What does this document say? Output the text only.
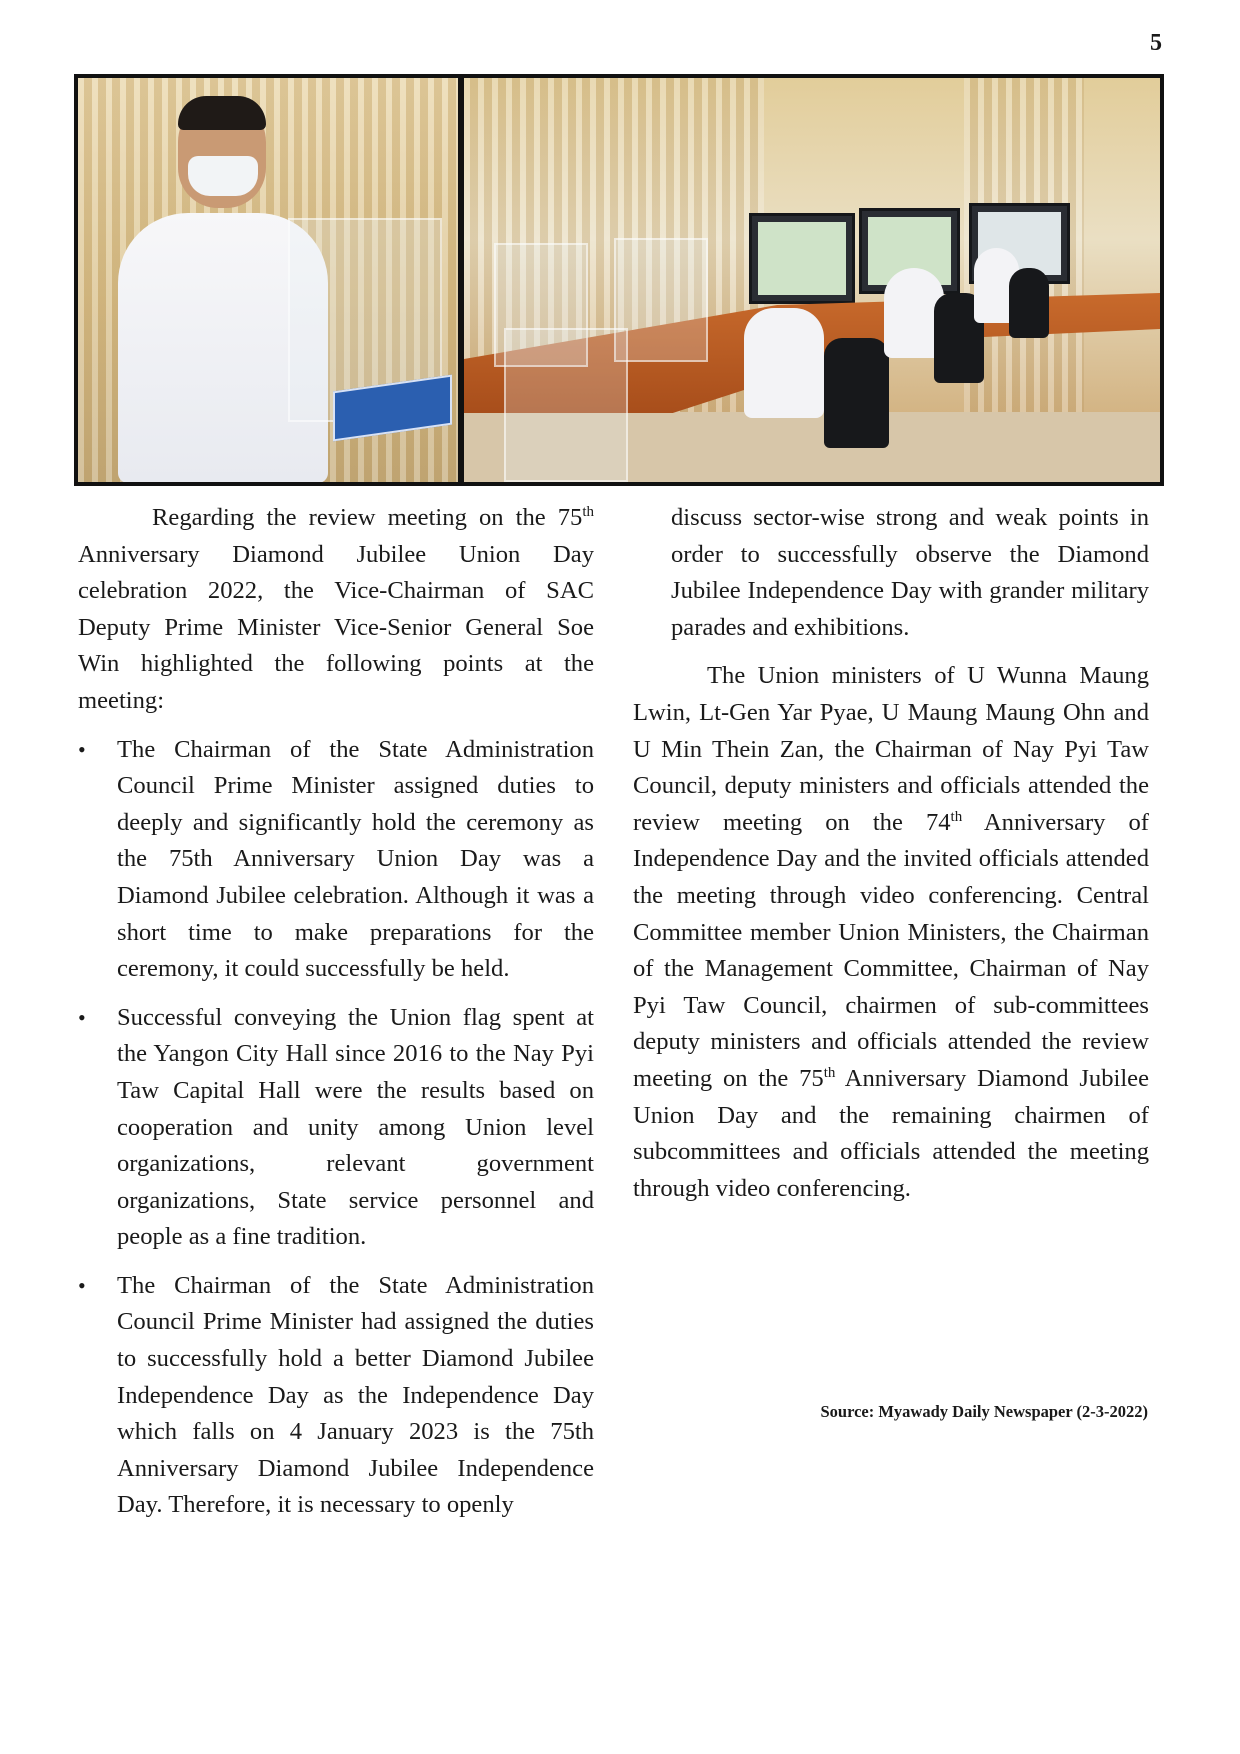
5

Regarding the review meeting on the 75th Anniversary Diamond Jubilee Union Day celebration 2022, the Vice-Chairman of SAC Deputy Prime Minister Vice-Senior General Soe Win highlighted the following points at the meeting:

• The Chairman of the State Administration Council Prime Minister assigned duties to deeply and significantly hold the ceremony as the 75th Anniversary Union Day was a Diamond Jubilee celebration. Although it was a short time to make preparations for the ceremony, it could successfully be held.
• Successful conveying the Union flag spent at the Yangon City Hall since 2016 to the Nay Pyi Taw Capital Hall were the results based on cooperation and unity among Union level organizations, relevant government organizations, State service personnel and people as a fine tradition.
• The Chairman of the State Administration Council Prime Minister had assigned the duties to successfully hold a better Diamond Jubilee Independence Day as the Independence Day which falls on 4 January 2023 is the 75th Anniversary Diamond Jubilee Independence Day. Therefore, it is necessary to openly

discuss sector-wise strong and weak points in order to successfully observe the Diamond Jubilee Independence Day with grander military parades and exhibitions.

The Union ministers of U Wunna Maung Lwin, Lt-Gen Yar Pyae, U Maung Maung Ohn and U Min Thein Zan, the Chairman of Nay Pyi Taw Council, deputy ministers and officials attended the review meeting on the 74th Anniversary of Independence Day and the invited officials attended the meeting through video conferencing. Central Committee member Union Ministers, the Chairman of the Management Committee, Chairman of Nay Pyi Taw Council, chairmen of sub-committees deputy ministers and officials attended the review meeting on the 75th Anniversary Diamond Jubilee Union Day and the remaining chairmen of subcommittees and officials attended the meeting through video conferencing.

Source: Myawady Daily Newspaper (2-3-2022)
